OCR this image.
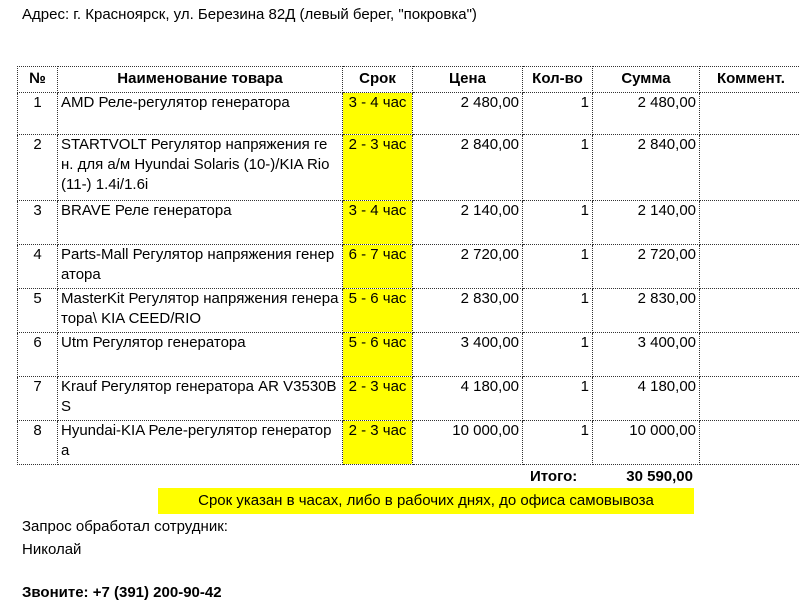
Адрес: г. Красноярск, ул. Березина 82Д (левый берег, "покровка")
№	Наименование товара	Срок	Цена	Кол-во	Сумма	Коммент.
1	AMD Реле-регулятор генератора	3 - 4 час	2 480,00	1	2 480,00	
2	STARTVOLT Регулятор напряжения ген. для а/м Hyundai Solaris (10-)/KIA Rio (11-) 1.4i/1.6i	2 - 3 час	2 840,00	1	2 840,00	
3	BRAVE Реле генератора	3 - 4 час	2 140,00	1	2 140,00	
4	Parts-Mall Регулятор напряжения генератора	6 - 7 час	2 720,00	1	2 720,00	
5	MasterKit Регулятор напряжения генератора\ KIA CEED/RIO	5 - 6 час	2 830,00	1	2 830,00	
6	Utm Регулятор генератора	5 - 6 час	3 400,00	1	3 400,00	
7	Krauf Регулятор генератора AR V3530BS	2 - 3 час	4 180,00	1	4 180,00	
8	Hyundai-KIA Реле-регулятор генератора	2 - 3 час	10 000,00	1	10 000,00	
Итого:	30 590,00
Срок указан в часах, либо в рабочих днях, до офиса самовывоза
Запрос обработал сотрудник:
Николай
Звоните: +7 (391) 200-90-42
